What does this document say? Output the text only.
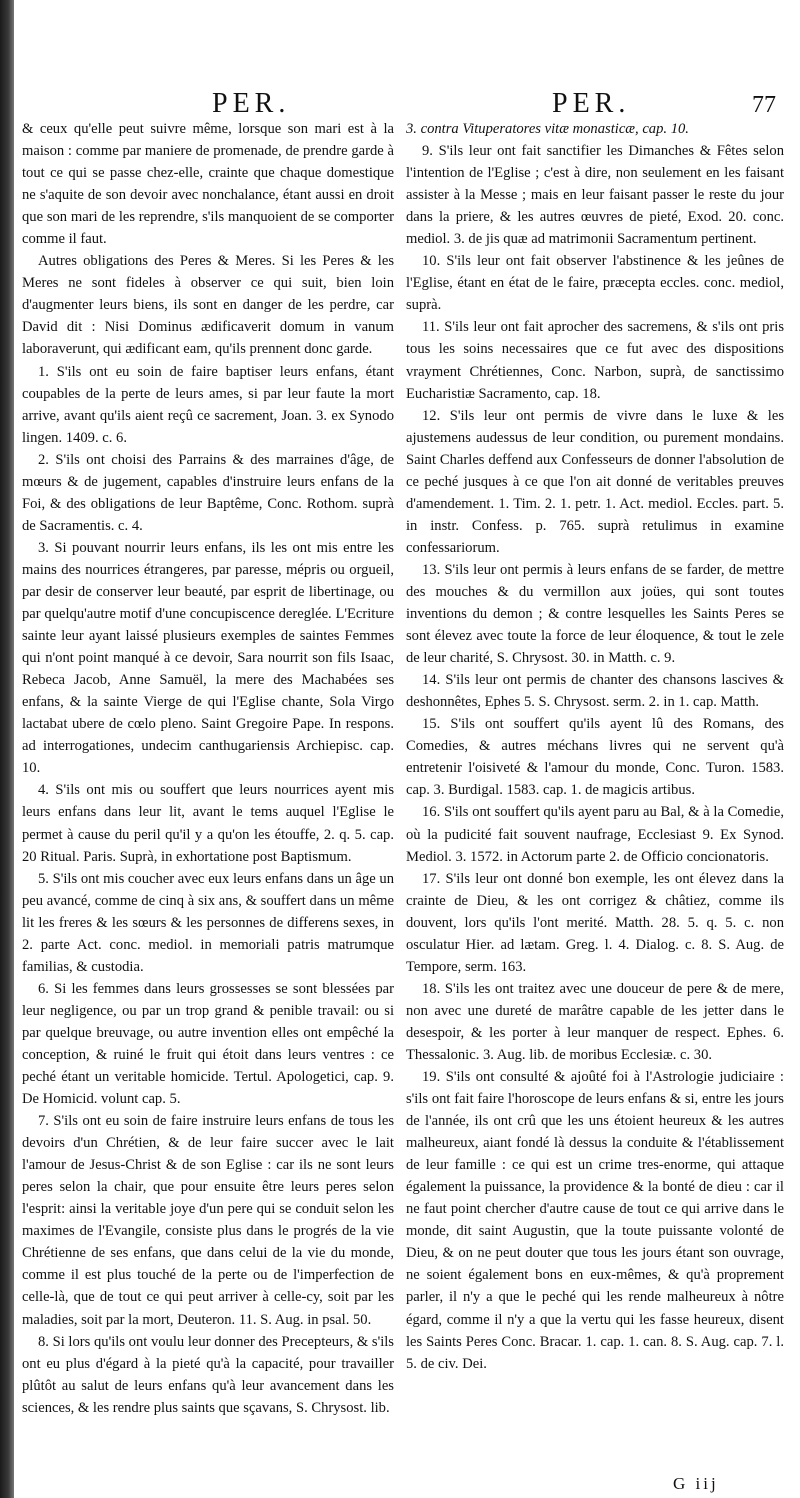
PER.	PER.	77

& ceux qu'elle peut suivre même, lorsque son mari est à la maison : comme par maniere de promenade, de prendre garde à tout ce qui se passe chez-elle, crainte que chaque domestique ne s'aquite de son devoir avec nonchalance, étant aussi en droit que son mari de les reprendre, s'ils manquoient de se comporter comme il faut.

Autres obligations des Peres & Meres. Si les Peres & les Meres ne sont fideles à observer ce qui suit, bien loin d'augmenter leurs biens, ils sont en danger de les perdre, car David dit : Nisi Dominus ædificaverit domum in vanum laboraverunt, qui ædificant eam, qu'ils prennent donc garde.

1. S'ils ont eu soin de faire baptiser leurs enfans, étant coupables de la perte de leurs ames, si par leur faute la mort arrive, avant qu'ils aient reçû ce sacrement, Joan. 3. ex Synodo lingen. 1409. c. 6.

2. S'ils ont choisi des Parrains & des marraines d'âge, de mœurs & de jugement, capables d'instruire leurs enfans de la Foi, & des obligations de leur Baptême, Conc. Rothom. suprà de Sacramentis. c. 4.

3. Si pouvant nourrir leurs enfans, ils les ont mis entre les mains des nourrices étrangeres, par paresse, mépris ou orgueil, par desir de conserver leur beauté, par esprit de libertinage, ou par quelqu'autre motif d'une concupiscence dereglée. L'Ecriture sainte leur ayant laissé plusieurs exemples de saintes Femmes qui n'ont point manqué à ce devoir, Sara nourrit son fils Isaac, Rebeca Jacob, Anne Samuël, la mere des Machabées ses enfans, & la sainte Vierge de qui l'Eglise chante, Sola Virgo lactabat ubere de cœlo pleno. Saint Gregoire Pape. In respons. ad interrogationes, undecim canthugariensis Archiepisc. cap. 10.

4. S'ils ont mis ou souffert que leurs nourrices ayent mis leurs enfans dans leur lit, avant le tems auquel l'Eglise le permet à cause du peril qu'il y a qu'on les étouffe, 2. q. 5. cap. 20 Ritual. Paris. Suprà, in exhortatione post Baptismum.

5. S'ils ont mis coucher avec eux leurs enfans dans un âge un peu avancé, comme de cinq à six ans, & souffert dans un même lit les freres & les sœurs & les personnes de differens sexes, in 2. parte Act. conc. mediol. in memoriali patris matrumque familias, & custodia.

6. Si les femmes dans leurs grossesses se sont blessées par leur negligence, ou par un trop grand & penible travail: ou si par quelque breuvage, ou autre invention elles ont empêché la conception, & ruiné le fruit qui étoit dans leurs ventres : ce peché étant un veritable homicide. Tertul. Apologetici, cap. 9. De Homicid. volunt cap. 5.

7. S'ils ont eu soin de faire instruire leurs enfans de tous les devoirs d'un Chrétien, & de leur faire succer avec le lait l'amour de Jesus-Christ & de son Eglise : car ils ne sont leurs peres selon la chair, que pour ensuite être leurs peres selon l'esprit: ainsi la veritable joye d'un pere qui se conduit selon les maximes de l'Evangile, consiste plus dans le progrés de la vie Chrétienne de ses enfans, que dans celui de la vie du monde, comme il est plus touché de la perte ou de l'imperfection de celle-là, que de tout ce qui peut arriver à celle-cy, soit par les maladies, soit par la mort, Deuteron. 11. S. Aug. in psal. 50.

8. Si lors qu'ils ont voulu leur donner des Precepteurs, & s'ils ont eu plus d'égard à la pieté qu'à la capacité, pour travailler plûtôt au salut de leurs enfans qu'à leur avancement dans les sciences, & les rendre plus saints que sçavans, S. Chrysost. lib.

3. contra Vituperatores vitæ monasticæ, cap. 10.

9. S'ils leur ont fait sanctifier les Dimanches & Fêtes selon l'intention de l'Eglise ; c'est à dire, non seulement en les faisant assister à la Messe ; mais en leur faisant passer le reste du jour dans la priere, & les autres œuvres de pieté, Exod. 20. conc. mediol. 3. de jis quæ ad matrimonii Sacramentum pertinent.

10. S'ils leur ont fait observer l'abstinence & les jeûnes de l'Eglise, étant en état de le faire, præcepta eccles. conc. mediol, suprà.

11. S'ils leur ont fait aprocher des sacremens, & s'ils ont pris tous les soins necessaires que ce fut avec des dispositions vrayment Chrétiennes, Conc. Narbon, suprà, de sanctissimo Eucharistiæ Sacramento, cap. 18.

12. S'ils leur ont permis de vivre dans le luxe & les ajustemens audessus de leur condition, ou purement mondains. Saint Charles deffend aux Confesseurs de donner l'absolution de ce peché jusques à ce que l'on ait donné de veritables preuves d'amendement. 1. Tim. 2. 1. petr. 1. Act. mediol. Eccles. part. 5. in instr. Confess. p. 765. suprà retulimus in examine confessariorum.

13. S'ils leur ont permis à leurs enfans de se farder, de mettre des mouches & du vermillon aux joües, qui sont toutes inventions du demon ; & contre lesquelles les Saints Peres se sont élevez avec toute la force de leur éloquence, & tout le zele de leur charité, S. Chrysost. 30. in Matth. c. 9.

14. S'ils leur ont permis de chanter des chansons lascives & deshonnêtes, Ephes 5. S. Chrysost. serm. 2. in 1. cap. Matth.

15. S'ils ont souffert qu'ils ayent lû des Romans, des Comedies, & autres méchans livres qui ne servent qu'à entretenir l'oisiveté & l'amour du monde, Conc. Turon. 1583. cap. 3. Burdigal. 1583. cap. 1. de magicis artibus.

16. S'ils ont souffert qu'ils ayent paru au Bal, & à la Comedie, où la pudicité fait souvent naufrage, Ecclesiast 9. Ex Synod. Mediol. 3. 1572. in Actorum parte 2. de Officio concionatoris.

17. S'ils leur ont donné bon exemple, les ont élevez dans la crainte de Dieu, & les ont corrigez & châtiez, comme ils douvent, lors qu'ils l'ont merité. Matth. 28. 5. q. 5. c. non osculatur Hier. ad lætam. Greg. l. 4. Dialog. c. 8. S. Aug. de Tempore, serm. 163.

18. S'ils les ont traitez avec une douceur de pere & de mere, non avec une dureté de marâtre capable de les jetter dans le desespoir, & les porter à leur manquer de respect. Ephes. 6. Thessalonic. 3. Aug. lib. de moribus Ecclesiæ. c. 30.

19. S'ils ont consulté & ajoûté foi à l'Astrologie judiciaire : s'ils ont fait faire l'horoscope de leurs enfans & si, entre les jours de l'année, ils ont crû que les uns étoient heureux & les autres malheureux, aiant fondé là dessus la conduite & l'établissement de leur famille : ce qui est un crime tres-enorme, qui attaque également la puissance, la providence & la bonté de dieu : car il ne faut point chercher d'autre cause de tout ce qui arrive dans le monde, dit saint Augustin, que la toute puissante volonté de Dieu, & on ne peut douter que tous les jours étant son ouvrage, ne soient également bons en eux-mêmes, & qu'à proprement parler, il n'y a que le peché qui les rende malheureux à nôtre égard, comme il n'y a que la vertu qui les fasse heureux, disent les Saints Peres Conc. Bracar. 1. cap. 1. can. 8. S. Aug. cap. 7. l. 5. de civ. Dei.

G iij
